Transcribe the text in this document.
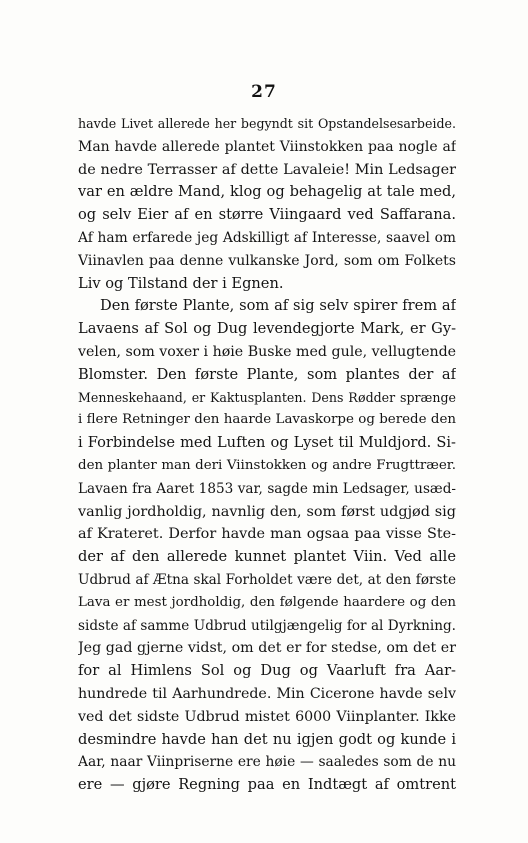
27
havde Livet allerede her begyndt sit Opstandelsesarbeide.
Man havde allerede plantet Viinstokken paa nogle af
de nedre Terrasser af dette Lavaleie! Min Ledsager
var en ældre Mand, klog og behagelig at tale med,
og selv Eier af en større Viingaard ved Saffarana.
Af ham erfarede jeg Adskilligt af Interesse, saavel om
Viinavlen paa denne vulkanske Jord, som om Folkets
Liv og Tilstand der i Egnen.
Den første Plante, som af sig selv spirer frem af
Lavaens af Sol og Dug levendegjorte Mark, er Gy-
velen, som voxer i høie Buske med gule, vellugtende
Blomster. Den første Plante, som plantes der af
Menneskehaand, er Kaktusplanten. Dens Rødder sprænge
i flere Retninger den haarde Lavaskorpe og berede den
i Forbindelse med Luften og Lyset til Muldjord. Si-
den planter man deri Viinstokken og andre Frugttræer.
Lavaen fra Aaret 1853 var, sagde min Ledsager, usæd-
vanlig jordholdig, navnlig den, som først udgjød sig
af Krateret. Derfor havde man ogsaa paa visse Ste-
der af den allerede kunnet plantet Viin. Ved alle
Udbrud af Ætna skal Forholdet være det, at den første
Lava er mest jordholdig, den følgende haardere og den
sidste af samme Udbrud utilgjængelig for al Dyrkning.
Jeg gad gjerne vidst, om det er for stedse, om det er
for al Himlens Sol og Dug og Vaarluft fra Aar-
hundrede til Aarhundrede. Min Cicerone havde selv
ved det sidste Udbrud mistet 6000 Viinplanter. Ikke
desmindre havde han det nu igjen godt og kunde i
Aar, naar Viinpriserne ere høie — saaledes som de nu
ere — gjøre Regning paa en Indtægt af omtrent
